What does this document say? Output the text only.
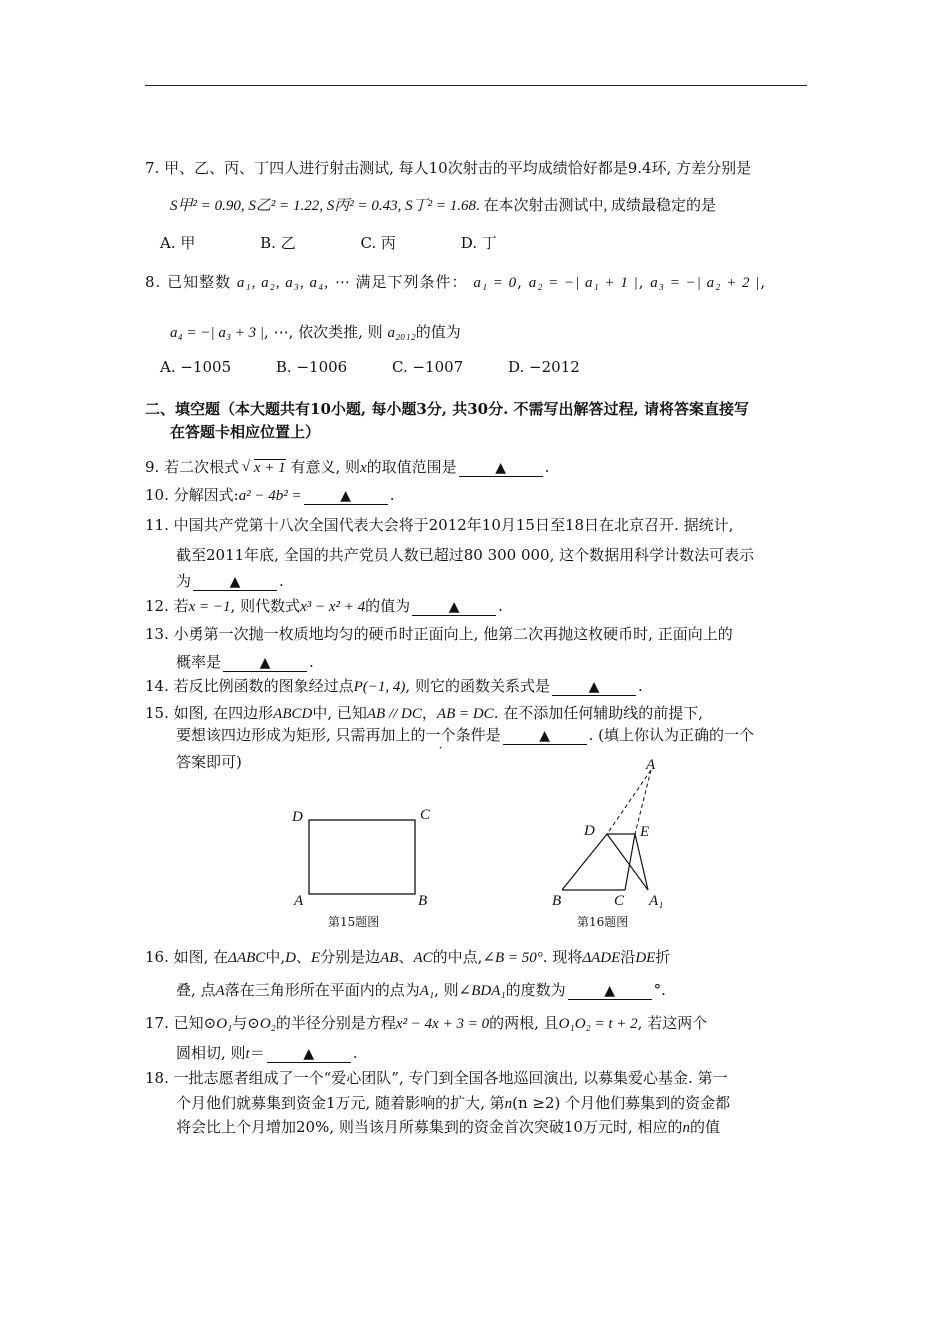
7. 甲、乙、丙、丁四人进行射击测试, 每人10次射击的平均成绩恰好都是9.4环, 方差分别是
S甲² = 0.90, S乙² = 1.22, S丙² = 0.43, S丁² = 1.68. 在本次射击测试中, 成绩最稳定的是
A. 甲	B. 乙	C. 丙	D. 丁
8. 已知整数 a₁, a₂, a₃, a₄, ⋯ 满足下列条件： a₁ = 0, a₂ = −| a₁ + 1 |, a₃ = −| a₂ + 2 |,
a₄ = −| a₃ + 3 |, ⋯, 依次类推, 则 a₂₀₁₂的值为
A. −1005	B. −1006	C. −1007	D. −2012
二、填空题（本大题共有10小题, 每小题3分, 共30分. 不需写出解答过程, 请将答案直接写
在答题卡相应位置上）
9. 若二次根式 √ x + 1 有意义, 则x的取值范围是	▲	.
10. 分解因式:a² − 4b² =	▲	.
11. 中国共产党第十八次全国代表大会将于2012年10月15日至18日在北京召开. 据统计,
截至2011年底, 全国的共产党员人数已超过80 300 000, 这个数据用科学计数法可表示
为	▲	.
12. 若x = −1, 则代数式x³ − x² + 4的值为	▲	.
13. 小勇第一次抛一枚质地均匀的硬币时正面向上, 他第二次再抛这枚硬币时, 正面向上的
概率是	▲	.
14. 若反比例函数的图象经过点P(−1, 4), 则它的函数关系式是	▲	.
15. 如图, 在四边形ABCD中, 已知AB // DC，AB = DC. 在不添加任何辅助线的前提下,
要想该四边形成为矩形, 只需再加上的一个条件是	▲	. (填上你认为正确的一个
答案即可)
D	C
A	B
第15题图
A
D	E
B	C A₁
第16题图
16. 如图, 在ΔABC中,D、E分别是边AB、AC的中点,∠B = 50°. 现将ΔADE沿DE折
叠, 点A落在三角形所在平面内的点为A₁, 则∠BDA₁的度数为	▲	°.
17. 已知⊙O₁与⊙O₂的半径分别是方程x² − 4x + 3 = 0的两根, 且O₁O₂ = t + 2, 若这两个
圆相切, 则t＝	▲	.
18. 一批志愿者组成了一个“爱心团队”, 专门到全国各地巡回演出, 以募集爱心基金. 第一
个月他们就募集到资金1万元, 随着影响的扩大, 第n(n ≥2) 个月他们募集到的资金都
将会比上个月增加20%, 则当该月所募集到的资金首次突破10万元时, 相应的n的值
